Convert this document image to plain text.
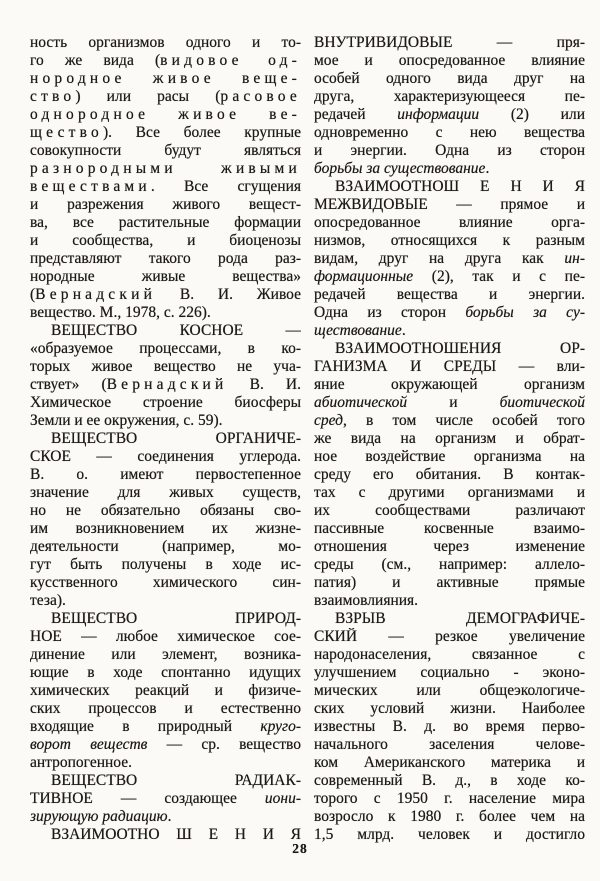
ность организмов одного и то-
го же вида (видовое од-
нородное живое веще-
ство) или расы (расовое
однородное живое ве-
щество). Все более крупные
совокупности будут являться
разнородными живыми
веществами. Все сгущения
и разрежения живого вещест-
ва, все растительные формации
и сообщества, и биоценозы
представляют такого рода раз-
нородные живые вещества»
(Вернадский В. И. Живое
вещество. М., 1978, с. 226).
ВЕЩЕСТВО КОСНОЕ —
«образуемое процессами, в ко-
торых живое вещество не уча-
ствует» (Вернадский В. И.
Химическое строение биосферы
Земли и ее окружения, с. 59).
ВЕЩЕСТВО ОРГАНИЧЕ-
СКОЕ — соединения углерода.
В. о. имеют первостепенное
значение для живых существ,
но не обязательно обязаны сво-
им возникновением их жизне-
деятельности (например, мо-
гут быть получены в ходе ис-
кусственного химического син-
теза).
ВЕЩЕСТВО ПРИРОД-
НОЕ — любое химическое сое-
динение или элемент, возника-
ющие в ходе спонтанно идущих
химических реакций и физиче-
ских процессов и естественно
входящие в природный круго-
ворот веществ — ср. вещество
антропогенное.
ВЕЩЕСТВО РАДИАК-
ТИВНОЕ — создающее иони-
зирующую радиацию.
ВЗАИМООТНО Ш Е Н И Я
ВНУТРИВИДОВЫЕ — пря-
мое и опосредованное влияние
особей одного вида друг на
друга, характеризующееся пе-
редачей информации (2) или
одновременно с нею вещества
и энергии. Одна из сторон
борьбы за существование.
ВЗАИМООТНОШ Е Н И Я
МЕЖВИДОВЫЕ — прямое и
опосредованное влияние орга-
низмов, относящихся к разным
видам, друг на друга как ин-
формационные (2), так и с пе-
редачей вещества и энергии.
Одна из сторон борьбы за су-
ществование.
ВЗАИМООТНОШЕНИЯ ОР-
ГАНИЗМА И СРЕДЫ — вли-
яние окружающей организм
абиотической и биотической
сред, в том числе особей того
же вида на организм и обрат-
ное воздействие организма на
среду его обитания. В контак-
тах с другими организмами и
их сообществами различают
пассивные косвенные взаимо-
отношения через изменение
среды (см., например: аллело-
патия) и активные прямые
взаимовлияния.
ВЗРЫВ ДЕМОГРАФИЧЕ-
СКИЙ — резкое увеличение
народонаселения, связанное с
улучшением социально - эконо-
мических или общеэкологиче-
ских условий жизни. Наиболее
известны В. д. во время перво-
начального заселения челове-
ком Американского материка и
современный В. д., в ходе ко-
торого с 1950 г. население мира
возросло к 1980 г. более чем на
1,5 млрд. человек и достигло
28
